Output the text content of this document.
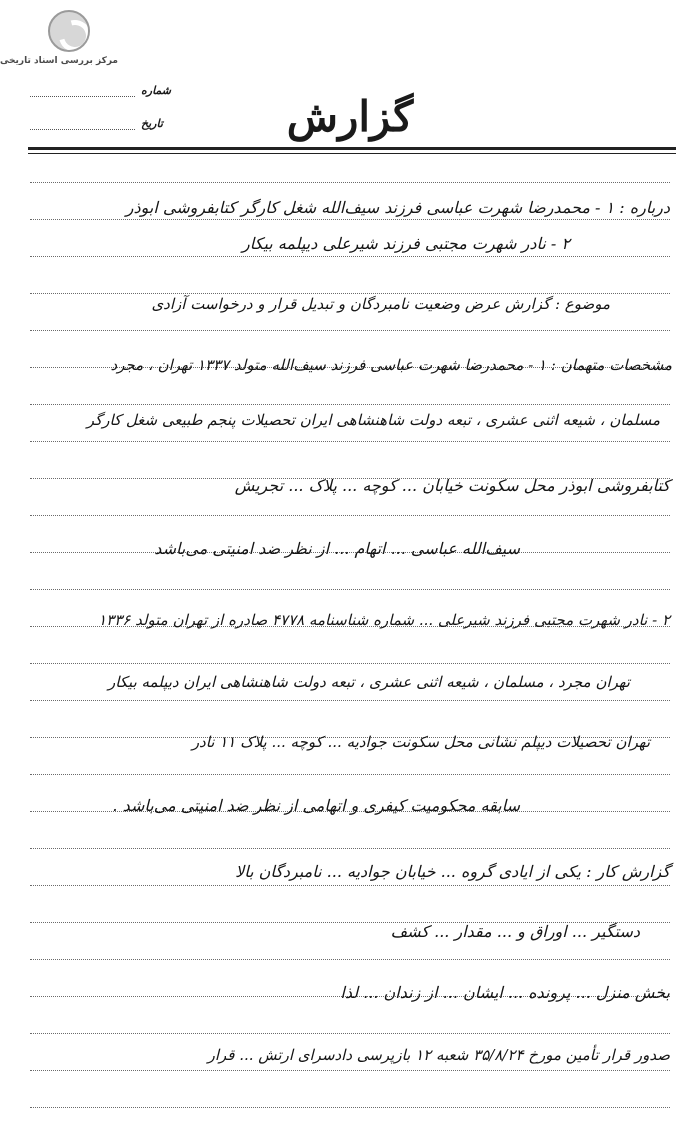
مرکز بررسی اسناد تاریخی
شماره
تاریخ	گزارش
درباره : ۱ - محمدرضا شهرت عباسی فرزند سیف‌الله شغل کارگر کتابفروشی ابوذر
۲ - نادر شهرت مجتبی فرزند شیرعلی دیپلمه بیکار
موضوع : گزارش عرض وضعیت نامبردگان و تبدیل قرار و درخواست آزادی
مشخصات متهمان : ۱ - محمدرضا شهرت عباسی فرزند سیف‌الله متولد ۱۳۳۷ تهران ، مجرد
مسلمان ، شیعه اثنی عشری ، تبعه دولت شاهنشاهی ایران تحصیلات پنجم طبیعی شغل کارگر
کتابفروشی ابوذر محل سکونت خیابان ... کوچه ... پلاک ... تجریش
سیف‌الله عباسی ... اتهام ... از نظر ضد امنیتی می‌باشد
۲ - نادر شهرت مجتبی فرزند شیرعلی ... شماره شناسنامه ۴۷۷۸ صادره از تهران متولد ۱۳۳۶
تهران مجرد ، مسلمان ، شیعه اثنی عشری ، تبعه دولت شاهنشاهی ایران دیپلمه بیکار
تهران تحصیلات دیپلم نشانی محل سکونت جوادیه ... کوچه ... پلاک ۱۱ نادر
سابقه محکومیت کیفری و اتهامی از نظر ضد امنیتی می‌باشد .
گزارش کار : یکی از ایادی گروه ... خیابان جوادیه ... نامبردگان بالا
دستگیر ... اوراق و ... مقدار ... کشف
بخش منزل ... پرونده ... ایشان ... از زندان ... لذا
صدور قرار تأمین مورخ ۳۵/۸/۲۴ شعبه ۱۲ بازپرسی دادسرای ارتش ... قرار
